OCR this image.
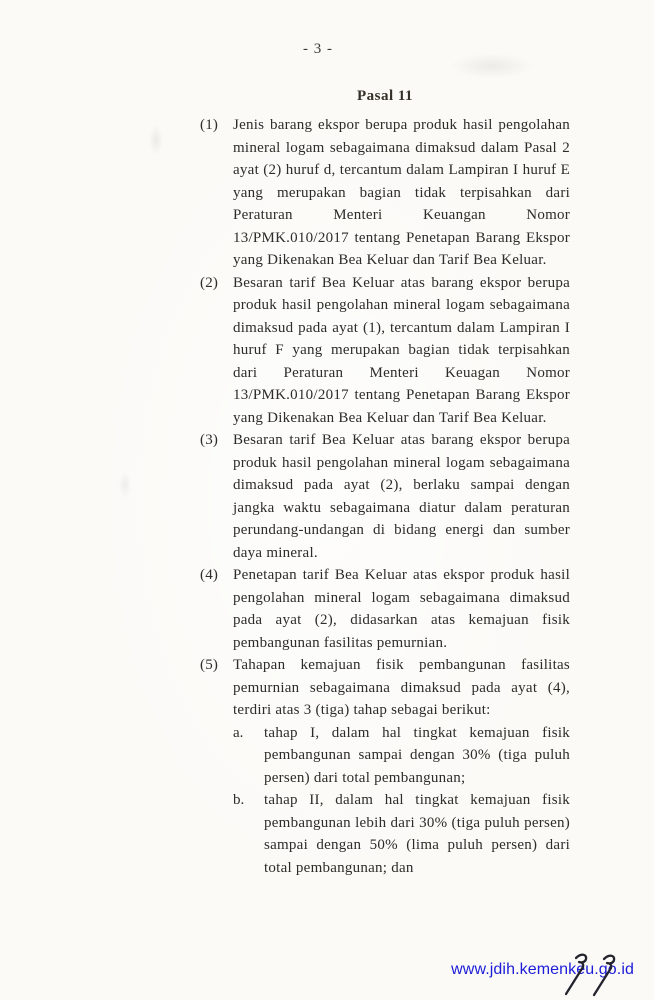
- 3 -
Pasal 11
(1) Jenis barang ekspor berupa produk hasil pengolahan mineral logam sebagaimana dimaksud dalam Pasal 2 ayat (2) huruf d, tercantum dalam Lampiran I huruf E yang merupakan bagian tidak terpisahkan dari Peraturan Menteri Keuangan Nomor 13/PMK.010/2017 tentang Penetapan Barang Ekspor yang Dikenakan Bea Keluar dan Tarif Bea Keluar.

(2) Besaran tarif Bea Keluar atas barang ekspor berupa produk hasil pengolahan mineral logam sebagaimana dimaksud pada ayat (1), tercantum dalam Lampiran I huruf F yang merupakan bagian tidak terpisahkan dari Peraturan Menteri Keuagan Nomor 13/PMK.010/2017 tentang Penetapan Barang Ekspor yang Dikenakan Bea Keluar dan Tarif Bea Keluar.

(3) Besaran tarif Bea Keluar atas barang ekspor berupa produk hasil pengolahan mineral logam sebagaimana dimaksud pada ayat (2), berlaku sampai dengan jangka waktu sebagaimana diatur dalam peraturan perundang-undangan di bidang energi dan sumber daya mineral.

(4) Penetapan tarif Bea Keluar atas ekspor produk hasil pengolahan mineral logam sebagaimana dimaksud pada ayat (2), didasarkan atas kemajuan fisik pembangunan fasilitas pemurnian.

(5) Tahapan kemajuan fisik pembangunan fasilitas pemurnian sebagaimana dimaksud pada ayat (4), terdiri atas 3 (tiga) tahap sebagai berikut:

a.	tahap I, dalam hal tingkat kemajuan fisik pembangunan sampai dengan 30% (tiga puluh persen) dari total pembangunan;

b.	tahap II, dalam hal tingkat kemajuan fisik pembangunan lebih dari 30% (tiga puluh persen) sampai dengan 50% (lima puluh persen) dari total pembangunan; dan

www.jdih.kemenkeu.go.id
